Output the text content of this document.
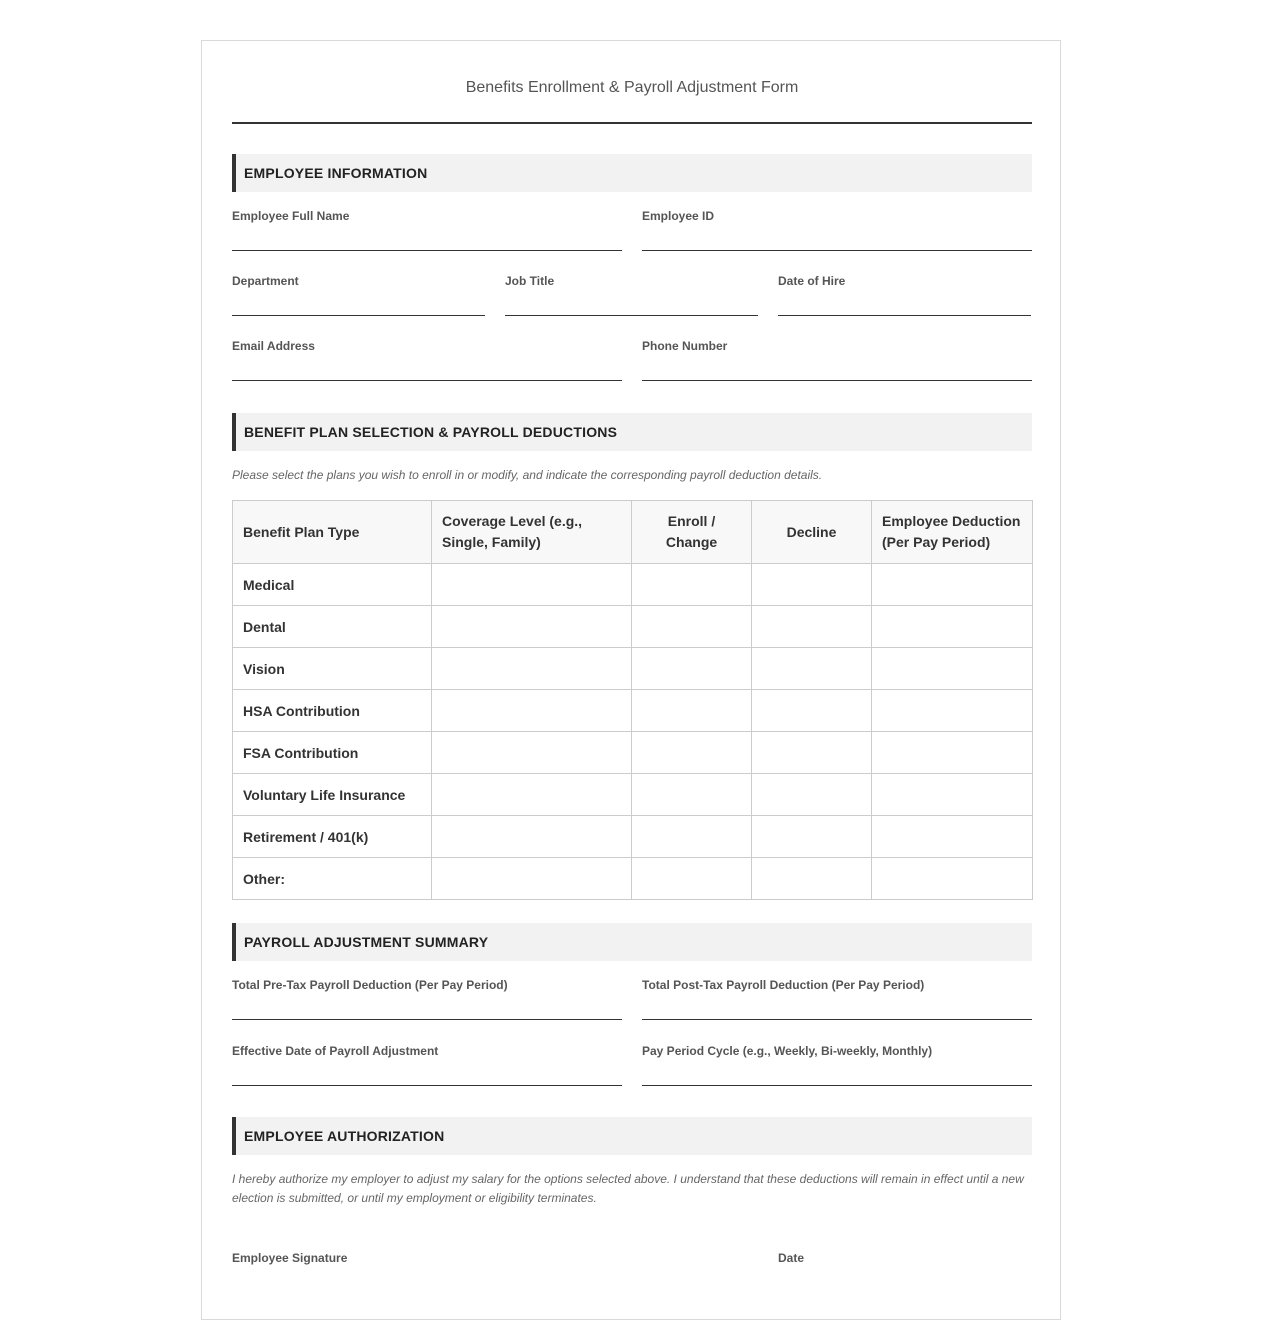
Benefits Enrollment & Payroll Adjustment Form
EMPLOYEE INFORMATION
Employee Full Name	Employee ID
Department	Job Title	Date of Hire
Email Address	Phone Number
BENEFIT PLAN SELECTION & PAYROLL DEDUCTIONS
Please select the plans you wish to enroll in or modify, and indicate the corresponding payroll deduction details.
Benefit Plan Type	Coverage Level (e.g., Single, Family)	Enroll / Change	Decline	Employee Deduction (Per Pay Period)
Medical				
Dental				
Vision				
HSA Contribution				
FSA Contribution				
Voluntary Life Insurance				
Retirement / 401(k)				
Other:				
PAYROLL ADJUSTMENT SUMMARY
Total Pre-Tax Payroll Deduction (Per Pay Period)	Total Post-Tax Payroll Deduction (Per Pay Period)
Effective Date of Payroll Adjustment	Pay Period Cycle (e.g., Weekly, Bi-weekly, Monthly)
EMPLOYEE AUTHORIZATION
I hereby authorize my employer to adjust my salary for the options selected above. I understand that these deductions will remain in effect until a new election is submitted, or until my employment or eligibility terminates.
Employee Signature	Date
